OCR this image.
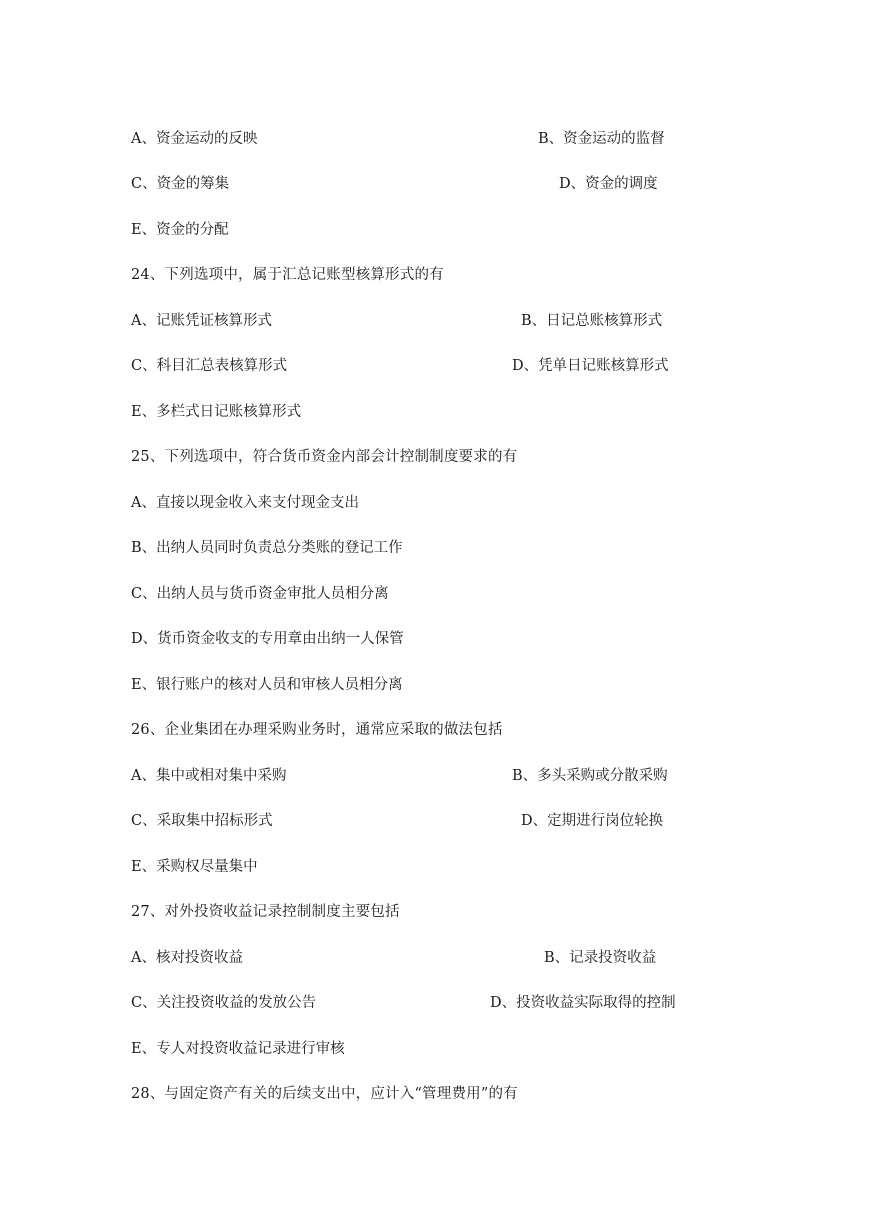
A、资金运动的反映	B、资金运动的监督
C、资金的筹集	D、资金的调度
E、资金的分配
24、下列选项中，属于汇总记账型核算形式的有
A、记账凭证核算形式	B、日记总账核算形式
C、科目汇总表核算形式	D、凭单日记账核算形式
E、多栏式日记账核算形式
25、下列选项中，符合货币资金内部会计控制制度要求的有
A、直接以现金收入来支付现金支出
B、出纳人员同时负责总分类账的登记工作
C、出纳人员与货币资金审批人员相分离
D、货币资金收支的专用章由出纳一人保管
E、银行账户的核对人员和审核人员相分离
26、企业集团在办理采购业务时，通常应采取的做法包括
A、集中或相对集中采购	B、多头采购或分散采购
C、采取集中招标形式	D、定期进行岗位轮换
E、采购权尽量集中
27、对外投资收益记录控制制度主要包括
A、核对投资收益	B、记录投资收益
C、关注投资收益的发放公告	D、投资收益实际取得的控制
E、专人对投资收益记录进行审核
28、与固定资产有关的后续支出中，应计入“管理费用”的有
